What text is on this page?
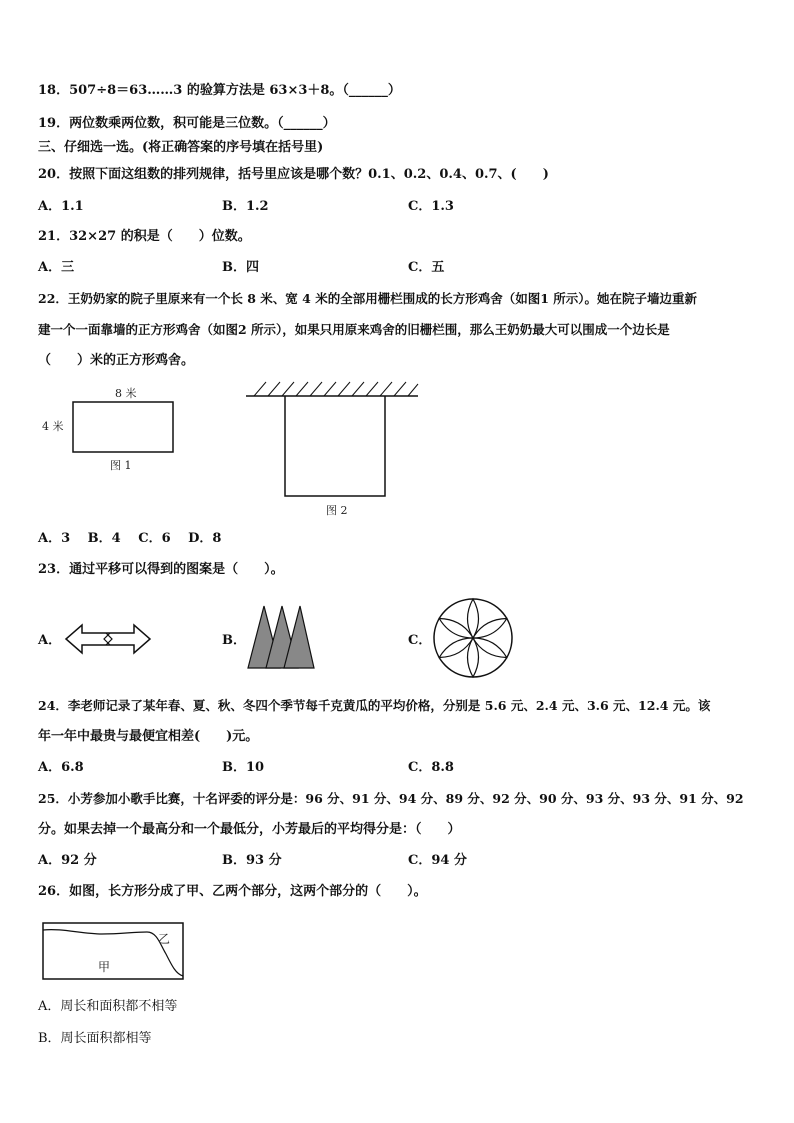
18．507÷8＝63……3 的验算方法是 63×3＋8。（______）
19．两位数乘两位数，积可能是三位数。（______）
三、仔细选一选。(将正确答案的序号填在括号里)
20．按照下面这组数的排列规律，括号里应该是哪个数？0.1、0.2、0.4、0.7、(　　)
A．1.1	B．1.2	C．1.3
21．32×27 的积是（　　）位数。
A．三	B．四	C．五
22．王奶奶家的院子里原来有一个长 8 米、宽 4 米的全部用栅栏围成的长方形鸡舍（如图1 所示）。她在院子墙边重新
建一个一面靠墙的正方形鸡舍（如图2 所示），如果只用原来鸡舍的旧栅栏围，那么王奶奶最大可以围成一个边长是
（　　）米的正方形鸡舍。
8 米
4 米
图 1
图 2
A．3　 B．4　 C．6　 D．8
23．通过平移可以得到的图案是（　　）。
A．	B．	C．
24．李老师记录了某年春、夏、秋、冬四个季节每千克黄瓜的平均价格，分别是 5.6 元、2.4 元、3.6 元、12.4 元。该
年一年中最贵与最便宜相差(　　)元。
A．6.8	B．10	C．8.8
25．小芳参加小歌手比赛，十名评委的评分是：96 分、91 分、94 分、89 分、92 分、90 分、93 分、93 分、91 分、92
分。如果去掉一个最高分和一个最低分，小芳最后的平均得分是：（　　）
A．92 分	B．93 分	C．94 分
26．如图，长方形分成了甲、乙两个部分，这两个部分的（　　）。
乙
甲
A．周长和面积都不相等
B．周长面积都相等
